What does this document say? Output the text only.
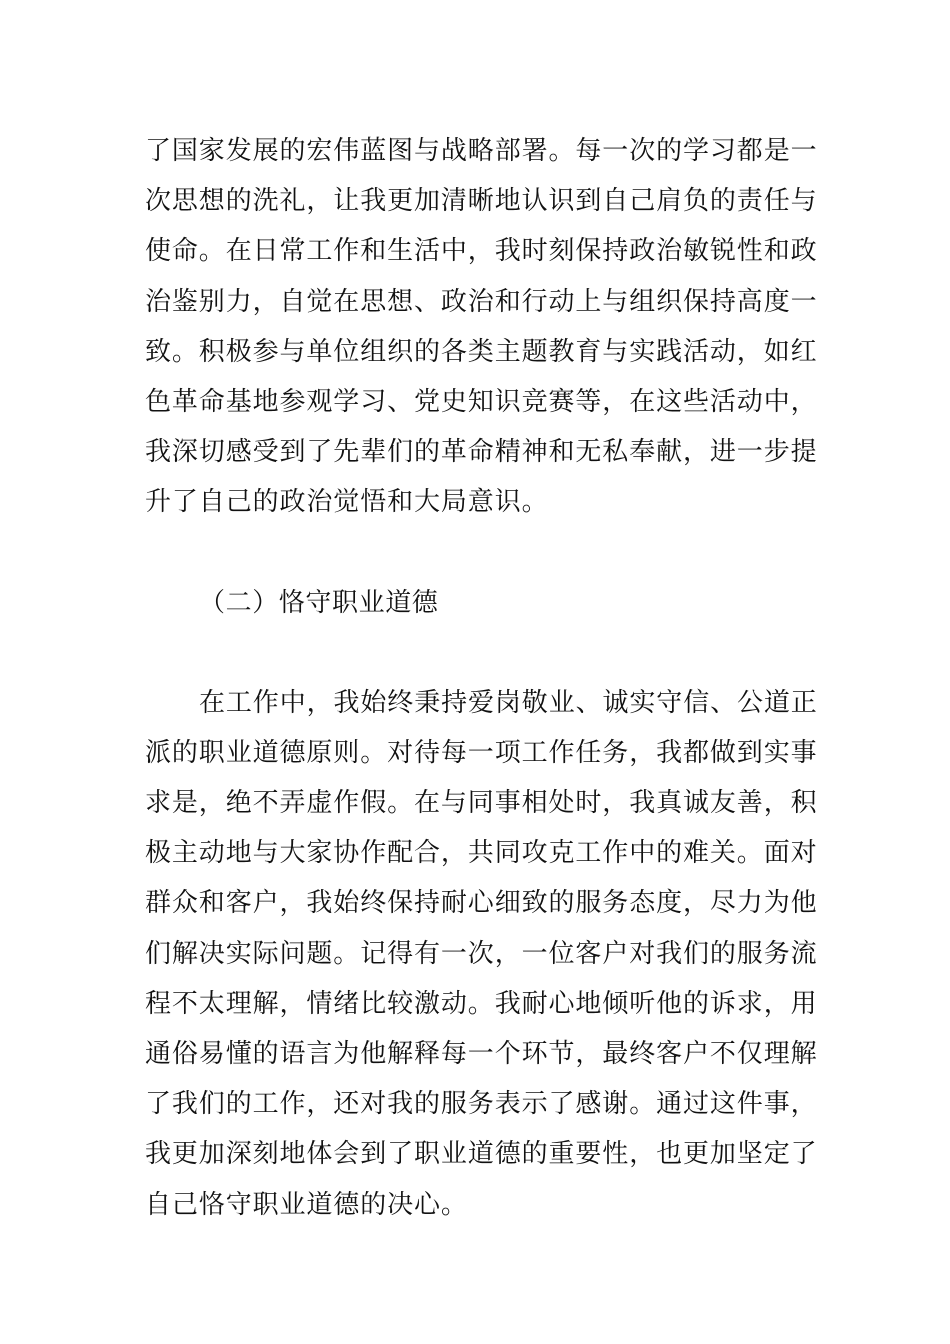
了国家发展的宏伟蓝图与战略部署。每一次的学习都是一
次思想的洗礼，让我更加清晰地认识到自己肩负的责任与
使命。在日常工作和生活中，我时刻保持政治敏锐性和政
治鉴别力，自觉在思想、政治和行动上与组织保持高度一
致。积极参与单位组织的各类主题教育与实践活动，如红
色革命基地参观学习、党史知识竞赛等，在这些活动中，
我深切感受到了先辈们的革命精神和无私奉献，进一步提
升了自己的政治觉悟和大局意识。
（二）恪守职业道德
在工作中，我始终秉持爱岗敬业、诚实守信、公道正
派的职业道德原则。对待每一项工作任务，我都做到实事
求是，绝不弄虚作假。在与同事相处时，我真诚友善，积
极主动地与大家协作配合，共同攻克工作中的难关。面对
群众和客户，我始终保持耐心细致的服务态度，尽力为他
们解决实际问题。记得有一次，一位客户对我们的服务流
程不太理解，情绪比较激动。我耐心地倾听他的诉求，用
通俗易懂的语言为他解释每一个环节，最终客户不仅理解
了我们的工作，还对我的服务表示了感谢。通过这件事，
我更加深刻地体会到了职业道德的重要性，也更加坚定了
自己恪守职业道德的决心。
